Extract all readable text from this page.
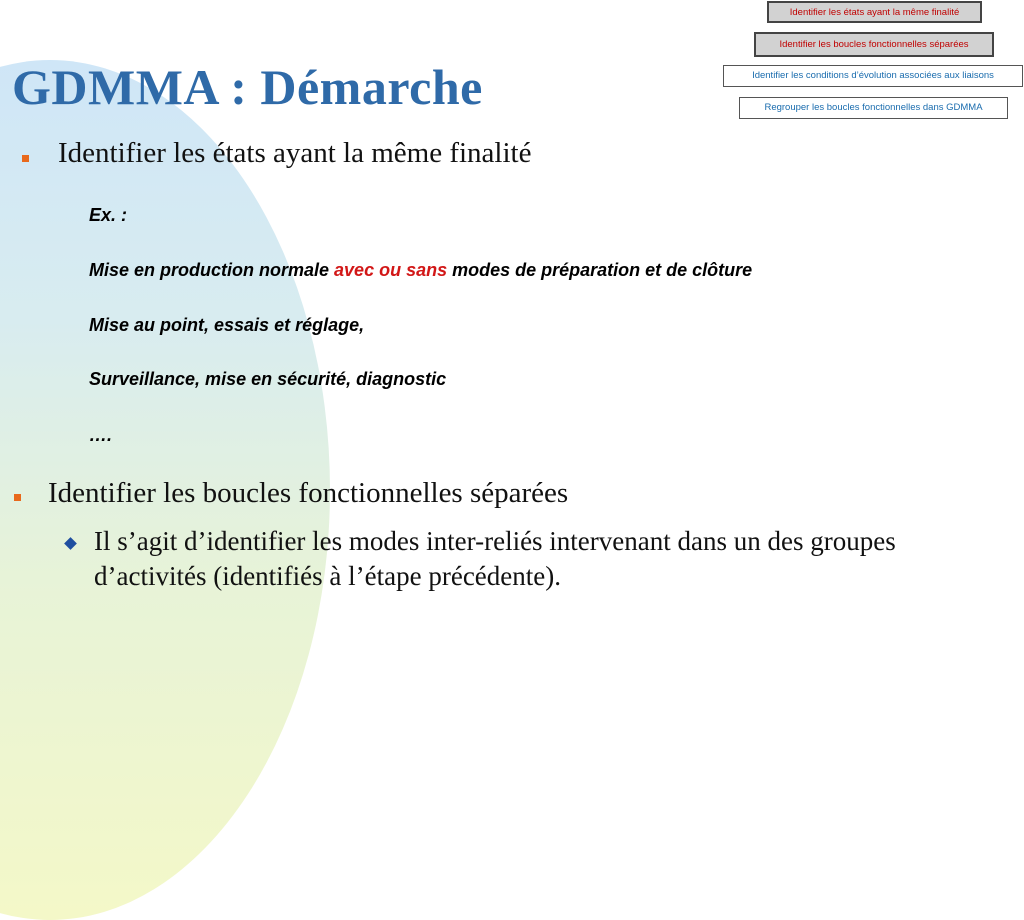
GDMMA : Démarche
Identifier les états ayant la même finalité
Identifier les boucles fonctionnelles séparées
Identifier les conditions d’évolution associées aux liaisons
Regrouper les boucles fonctionnelles dans GDMMA

Identifier les états ayant la même finalité

Ex. :

Mise en production normale avec ou sans modes de préparation et de clôture

Mise au point, essais et réglage,

Surveillance, mise en sécurité, diagnostic

….

Identifier les boucles fonctionnelles séparées

Il s’agit d’identifier les modes inter-reliés intervenant dans un des groupes d’activités (identifiés à l’étape précédente).
